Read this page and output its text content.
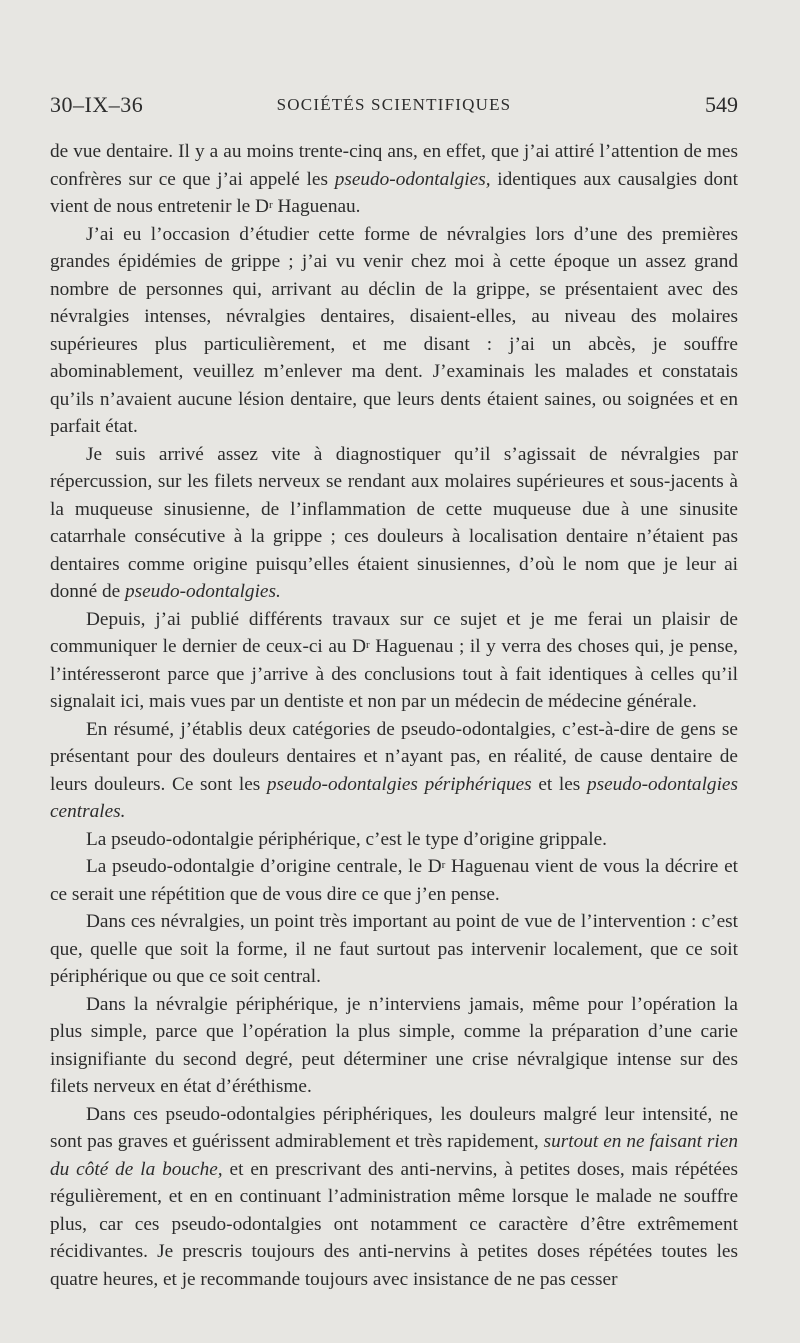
30–IX–36	SOCIÉTÉS SCIENTIFIQUES	549

de vue dentaire. Il y a au moins trente-cinq ans, en effet, que j’ai attiré l’attention de mes confrères sur ce que j’ai appelé les pseudo-odontalgies, identiques aux causalgies dont vient de nous entretenir le $D^r$ Haguenau.

J’ai eu l’occasion d’étudier cette forme de névralgies lors d’une des premières grandes épidémies de grippe ; j’ai vu venir chez moi à cette époque un assez grand nombre de personnes qui, arrivant au déclin de la grippe, se présentaient avec des névralgies intenses, névralgies dentaires, disaient-elles, au niveau des molaires supérieures plus particulièrement, et me disant : j’ai un abcès, je souffre abominablement, veuillez m’enlever ma dent. J’examinais les malades et constatais qu’ils n’avaient aucune lésion dentaire, que leurs dents étaient saines, ou soignées et en parfait état.

Je suis arrivé assez vite à diagnostiquer qu’il s’agissait de névralgies par répercussion, sur les filets nerveux se rendant aux molaires supérieures et sous-jacents à la muqueuse sinusienne, de l’inflammation de cette muqueuse due à une sinusite catarrhale consécutive à la grippe ; ces douleurs à localisation dentaire n’étaient pas dentaires comme origine puisqu’elles étaient sinusiennes, d’où le nom que je leur ai donné de pseudo-odontalgies.

Depuis, j’ai publié différents travaux sur ce sujet et je me ferai un plaisir de communiquer le dernier de ceux-ci au $D^r$ Haguenau ; il y verra des choses qui, je pense, l’intéresseront parce que j’arrive à des conclusions tout à fait identiques à celles qu’il signalait ici, mais vues par un dentiste et non par un médecin de médecine générale.

En résumé, j’établis deux catégories de pseudo-odontalgies, c’est-à-dire de gens se présentant pour des douleurs dentaires et n’ayant pas, en réalité, de cause dentaire de leurs douleurs. Ce sont les pseudo-odontalgies périphériques et les pseudo-odontalgies centrales.

La pseudo-odontalgie périphérique, c’est le type d’origine grippale.

La pseudo-odontalgie d’origine centrale, le $D^r$ Haguenau vient de vous la décrire et ce serait une répétition que de vous dire ce que j’en pense.

Dans ces névralgies, un point très important au point de vue de l’intervention : c’est que, quelle que soit la forme, il ne faut surtout pas intervenir localement, que ce soit périphérique ou que ce soit central.

Dans la névralgie périphérique, je n’interviens jamais, même pour l’opération la plus simple, parce que l’opération la plus simple, comme la préparation d’une carie insignifiante du second degré, peut déterminer une crise névralgique intense sur des filets nerveux en état d’éréthisme.

Dans ces pseudo-odontalgies périphériques, les douleurs malgré leur intensité, ne sont pas graves et guérissent admirablement et très rapidement, surtout en ne faisant rien du côté de la bouche, et en prescrivant des anti-nervins, à petites doses, mais répétées régulièrement, et en en continuant l’administration même lorsque le malade ne souffre plus, car ces pseudo-odontalgies ont notamment ce caractère d’être extrêmement récidivantes. Je prescris toujours des anti-nervins à petites doses répétées toutes les quatre heures, et je recommande toujours avec insistance de ne pas cesser
